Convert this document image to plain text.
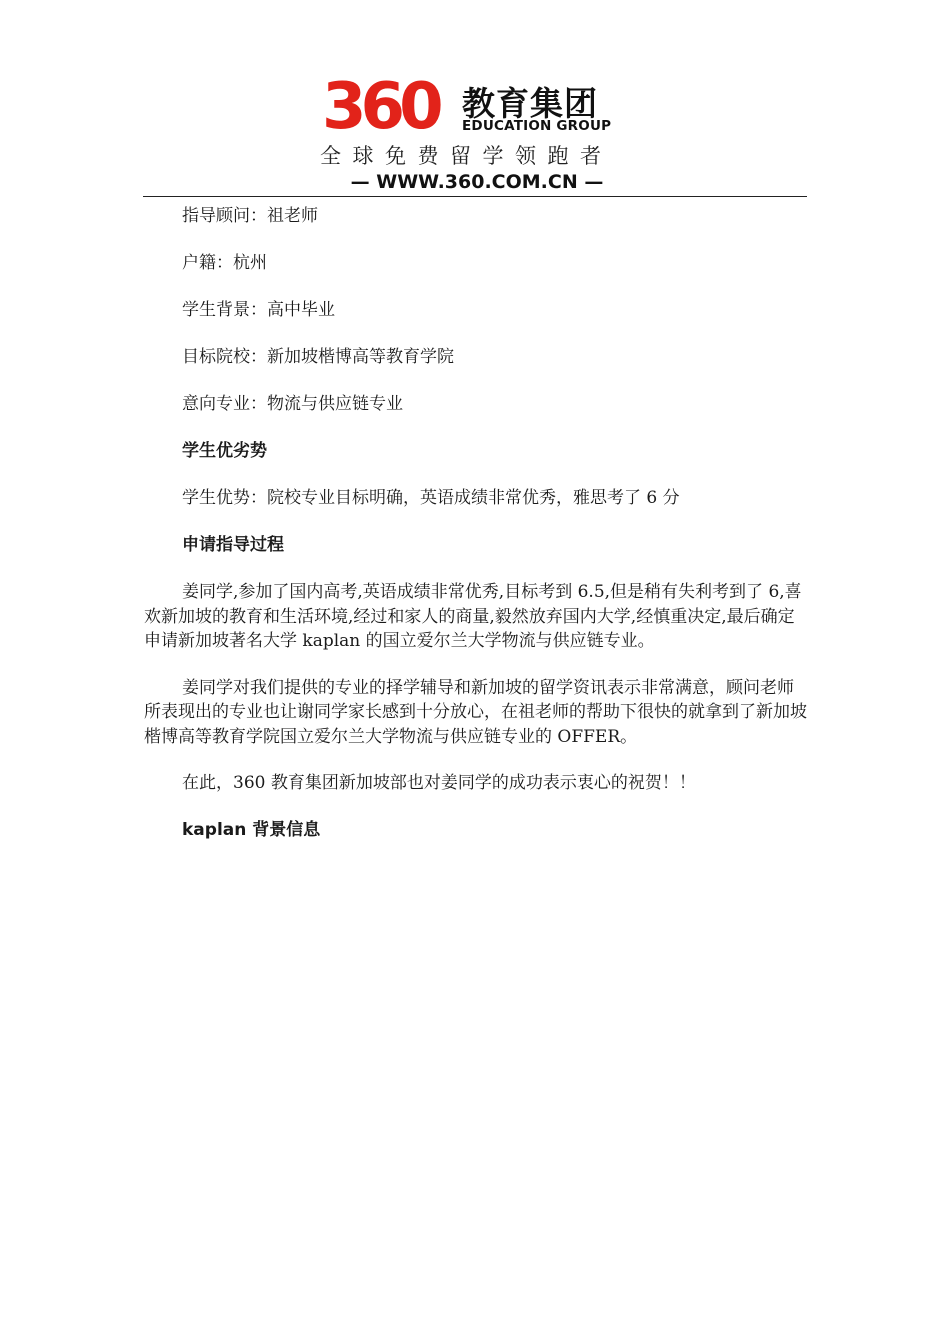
360 教育集团
EDUCATION GROUP
全球免费留学领跑者
— WWW.360.COM.CN —

指导顾问：祖老师

户籍：杭州

学生背景：高中毕业

目标院校：新加坡楷博高等教育学院

意向专业：物流与供应链专业

学生优劣势

学生优势：院校专业目标明确，英语成绩非常优秀，雅思考了 6 分

申请指导过程

姜同学,参加了国内高考,英语成绩非常优秀,目标考到 6.5,但是稍有失利考到了 6,喜欢新加坡的教育和生活环境,经过和家人的商量,毅然放弃国内大学,经慎重决定,最后确定申请新加坡著名大学 kaplan 的国立爱尔兰大学物流与供应链专业。

姜同学对我们提供的专业的择学辅导和新加坡的留学资讯表示非常满意，顾问老师所表现出的专业也让谢同学家长感到十分放心，在祖老师的帮助下很快的就拿到了新加坡楷博高等教育学院国立爱尔兰大学物流与供应链专业的 OFFER。

在此，360 教育集团新加坡部也对姜同学的成功表示衷心的祝贺！！

kaplan 背景信息
